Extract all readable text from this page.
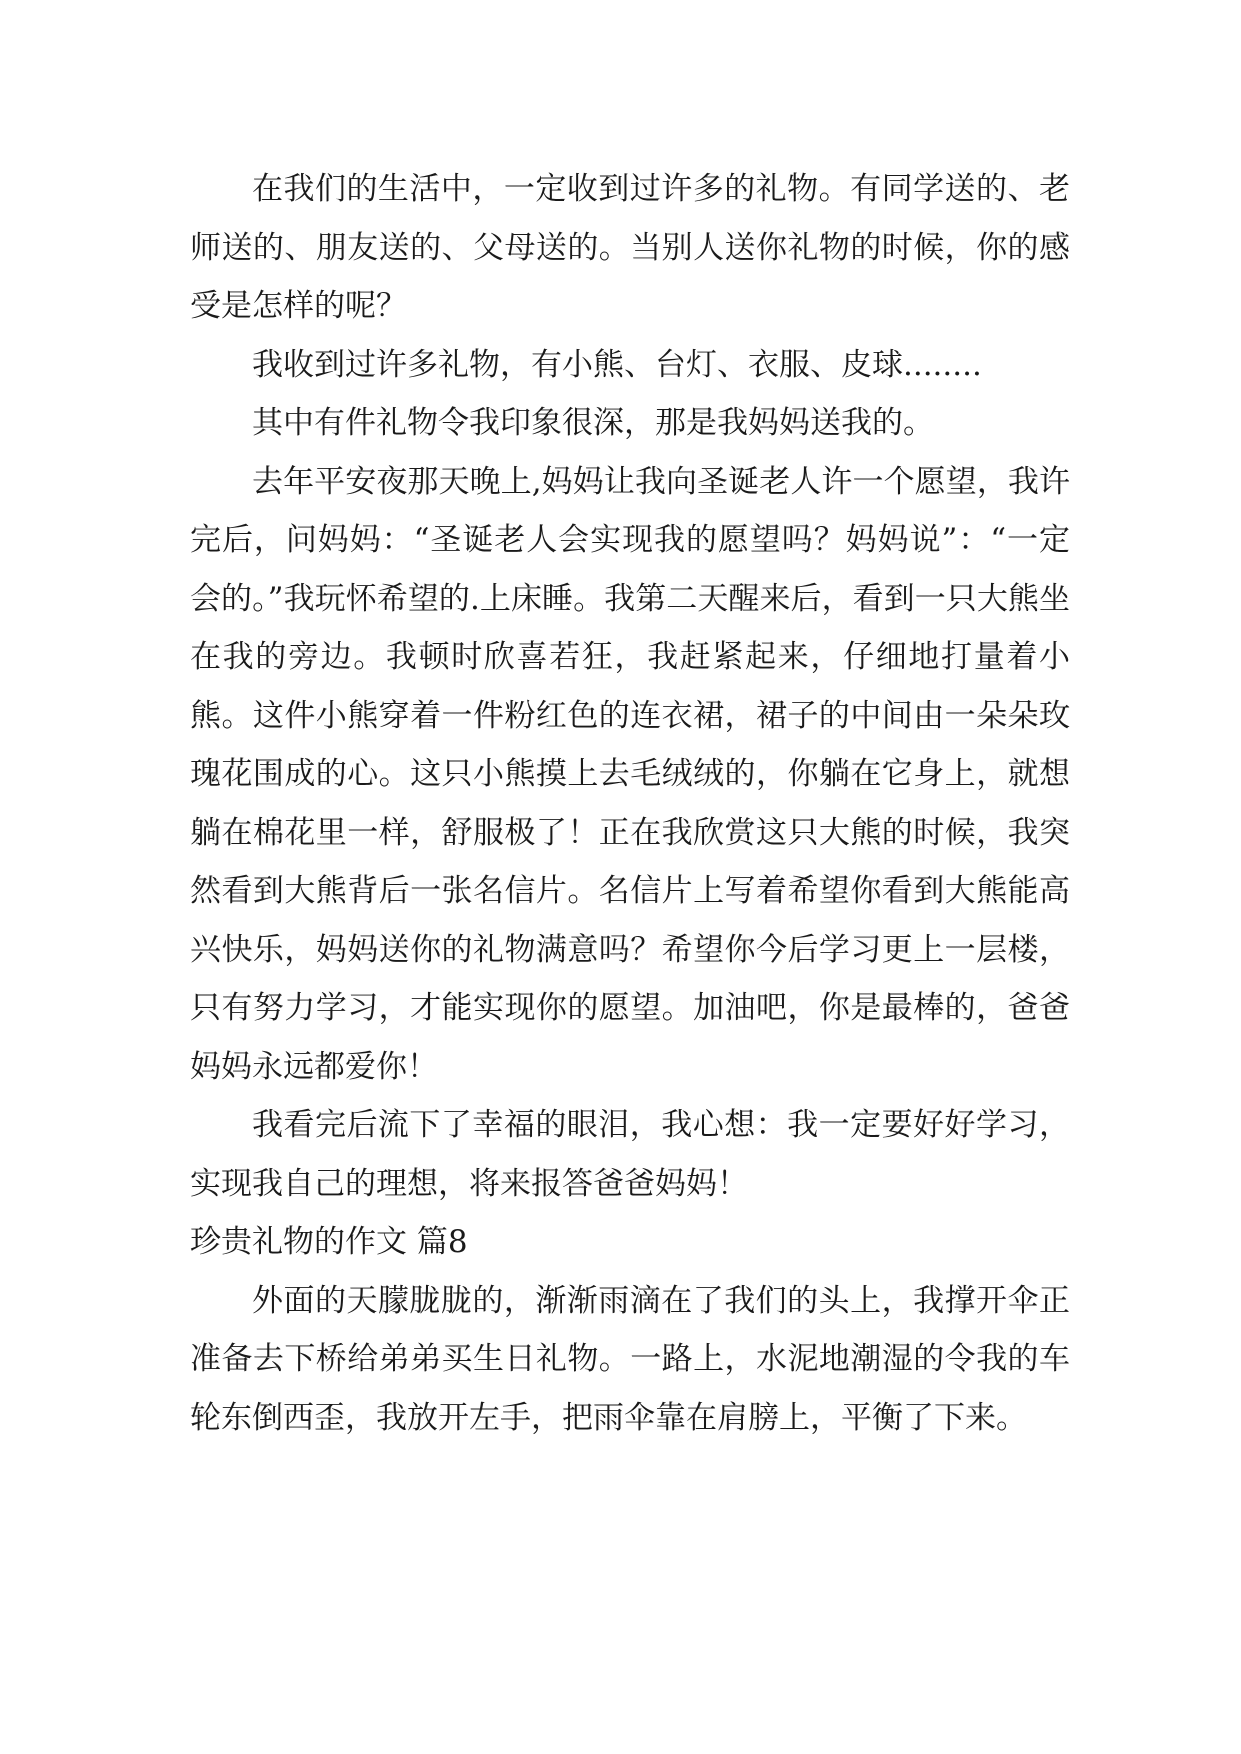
在我们的生活中，一定收到过许多的礼物。有同学送的、老师送的、朋友送的、父母送的。当别人送你礼物的时候，你的感受是怎样的呢？

我收到过许多礼物，有小熊、台灯、衣服、皮球........

其中有件礼物令我印象很深，那是我妈妈送我的。

去年平安夜那天晚上,妈妈让我向圣诞老人许一个愿望，我许完后，问妈妈：“圣诞老人会实现我的愿望吗？妈妈说”：“一定会的。”我玩怀希望的.上床睡。我第二天醒来后，看到一只大熊坐在我的旁边。我顿时欣喜若狂，我赶紧起来，仔细地打量着小熊。这件小熊穿着一件粉红色的连衣裙，裙子的中间由一朵朵玫瑰花围成的心。这只小熊摸上去毛绒绒的，你躺在它身上，就想躺在棉花里一样，舒服极了！正在我欣赏这只大熊的时候，我突然看到大熊背后一张名信片。名信片上写着希望你看到大熊能高兴快乐，妈妈送你的礼物满意吗？希望你今后学习更上一层楼，只有努力学习，才能实现你的愿望。加油吧，你是最棒的，爸爸妈妈永远都爱你！

我看完后流下了幸福的眼泪，我心想：我一定要好好学习，实现我自己的理想，将来报答爸爸妈妈！

珍贵礼物的作文 篇8

外面的天朦胧胧的，渐渐雨滴在了我们的头上，我撑开伞正准备去下桥给弟弟买生日礼物。一路上，水泥地潮湿的令我的车轮东倒西歪，我放开左手，把雨伞靠在肩膀上，平衡了下来。
